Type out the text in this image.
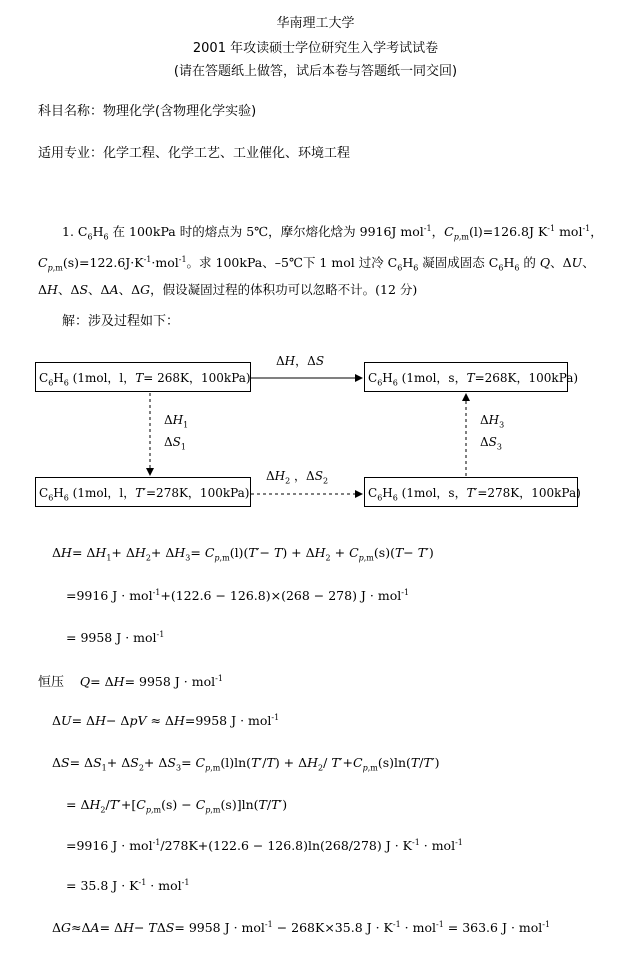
华南理工大学
2001 年攻读硕士学位研究生入学考试试卷
(请在答题纸上做答，试后本卷与答题纸一同交回)
科目名称：物理化学(含物理化学实验)
适用专业：化学工程、化学工艺、工业催化、环境工程
1. $C_6H_6$ 在 100kPa 时的熔点为 5℃，摩尔熔化焓为 9916J mol$^{-1}$，$C_{p,m}(l)=126.8J$ $K^{-1}$ mol$^{-1}$，
$C_{p,m}(s)=122.6J\cdot K^{-1}\cdot mol^{-1}$。求 100kPa、–5℃下 1 mol 过冷 $C_6H_6$ 凝固成固态 $C_6H_6$ 的 Q、ΔU、
ΔH、ΔS、ΔA、ΔG，假设凝固过程的体积功可以忽略不计。(12 分)
解：涉及过程如下：
$C_6H_6$ (1mol，l，T= 268K，100kPa)	$C_6H_6$ (1mol，s，T=268K，100kPa)
$C_6H_6$ (1mol，l，T′=278K，100kPa)	$C_6H_6$ (1mol，s，T′=278K，100kPa)
ΔH，ΔS
$\Delta H_1$
$\Delta S_1$
$\Delta H_3$
$\Delta S_3$
$\Delta H_2$ ，$\Delta S_2$
$\Delta H= \Delta H_1+ \Delta H_2+ \Delta H_3= C_{p,m}(l)(T'- T) + \Delta H_2 + C_{p,m}(s)(T- T')$
=9916 J · mol$^{-1}$+(122.6 − 126.8)×(268 − 278) J · mol$^{-1}$
= 9958 J · mol$^{-1}$
恒压 Q= ΔH= 9958 J · mol$^{-1}$
ΔU= ΔH− ΔpV ≈ ΔH=9958 J · mol$^{-1}$
$\Delta S= \Delta S_1+ \Delta S_2+ \Delta S_3= C_{p,m}(l)\ln(T'/T) + \Delta H_2/$ $T'+C_{p,m}(s)\ln(T/T')$
= $\Delta H_2/T'+[C_{p,m}(s) - C_{p,m}(s)]\ln(T/T')$
=9916 J · mol$^{-1}$/278K+(122.6 − 126.8)ln(268/278) $J \cdot K^{-1} \cdot mol^{-1}$
= 35.8 $J \cdot K^{-1} \cdot mol^{-1}$
ΔG≈ΔA= ΔH− TΔS= 9958 J · mol$^{-1}$ − 268K×35.8 $J \cdot K^{-1} \cdot mol^{-1} = 363.6$ J · mol$^{-1}$
